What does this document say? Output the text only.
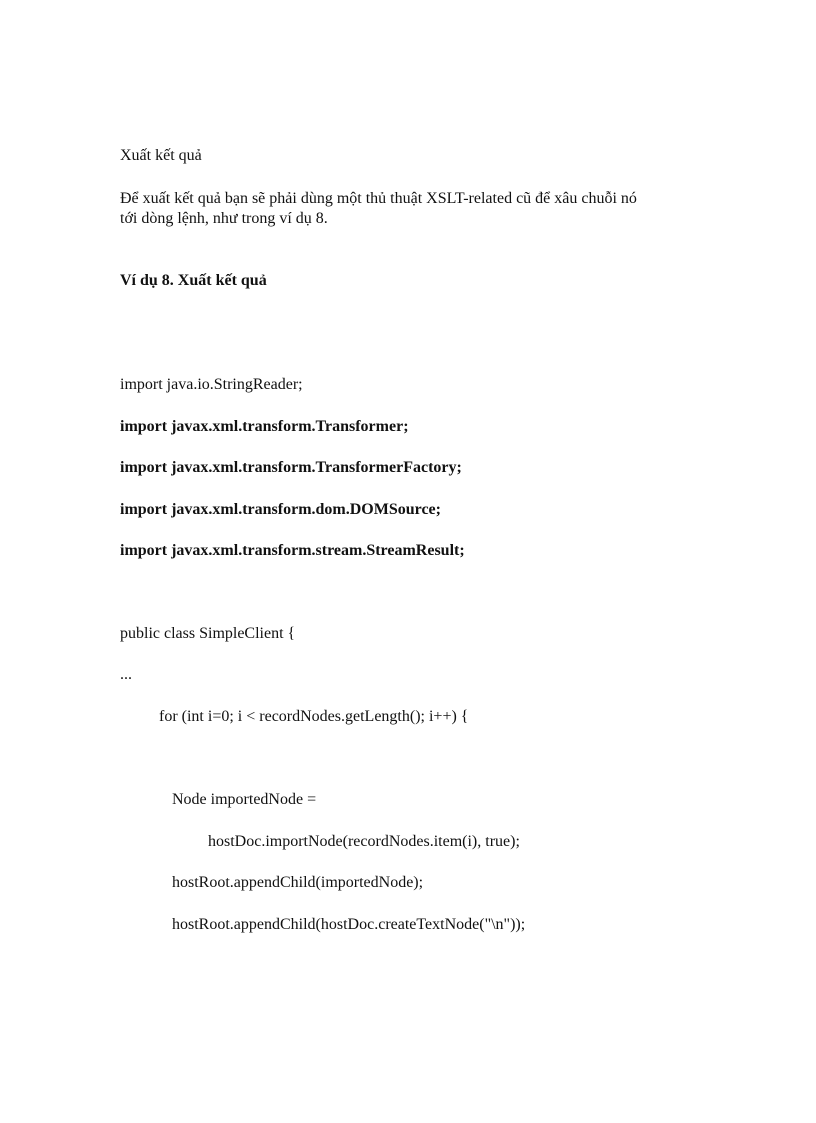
Xuất kết quả
Để xuất kết quả bạn sẽ phải dùng một thủ thuật XSLT-related cũ để xâu chuỗi nó
tới dòng lệnh, như trong ví dụ 8.
Ví dụ 8. Xuất kết quả
import java.io.StringReader;
import javax.xml.transform.Transformer;
import javax.xml.transform.TransformerFactory;
import javax.xml.transform.dom.DOMSource;
import javax.xml.transform.stream.StreamResult;
public class SimpleClient {
...
for (int i=0; i < recordNodes.getLength(); i++) {
Node importedNode =
hostDoc.importNode(recordNodes.item(i), true);
hostRoot.appendChild(importedNode);
hostRoot.appendChild(hostDoc.createTextNode("\n"));
